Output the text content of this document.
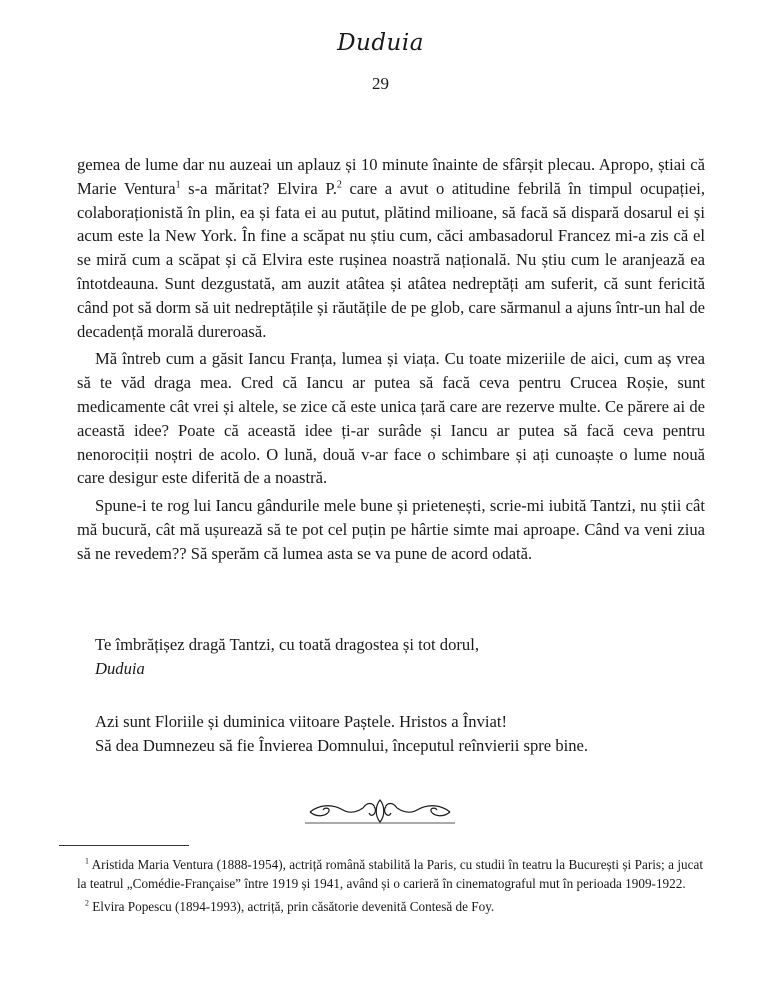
Duduia
29

gemea de lume dar nu auzeai un aplauz și 10 minute înainte de sfârșit plecau. Apropo, știai că Marie Ventura$^1$ s-a măritat? Elvira P.$^2$ care a avut o atitudine febrilă în timpul ocupației, colaboraționistă în plin, ea și fata ei au putut, plătind milioane, să facă să dispară dosarul ei și acum este la New York. În fine a scăpat nu știu cum, căci ambasadorul Francez mi-a zis că el se miră cum a scăpat și că Elvira este rușinea noastră națională. Nu știu cum le aranjează ea întotdeauna. Sunt dezgustată, am auzit atâtea și atâtea nedreptăți am suferit, că sunt fericită când pot să dorm să uit nedreptățile și răutățile de pe glob, care sărmanul a ajuns într-un hal de decadență morală dureroasă.

Mă întreb cum a găsit Iancu Franța, lumea și viața. Cu toate mizeriile de aici, cum aș vrea să te văd draga mea. Cred că Iancu ar putea să facă ceva pentru Crucea Roșie, sunt medicamente cât vrei și altele, se zice că este unica țară care are rezerve multe. Ce părere ai de această idee? Poate că această idee ți-ar surâde și Iancu ar putea să facă ceva pentru nenorociții noștri de acolo. O lună, două v-ar face o schimbare și ați cunoaște o lume nouă care desigur este diferită de a noastră.

Spune-i te rog lui Iancu gândurile mele bune și prietenești, scrie-mi iubită Tantzi, nu știi cât mă bucură, cât mă ușurează să te pot cel puțin pe hârtie simte mai aproape. Când va veni ziua să ne revedem?? Să sperăm că lumea asta se va pune de acord odată.

Te îmbrățișez dragă Tantzi, cu toată dragostea și tot dorul,
Duduia
Azi sunt Floriile și duminica viitoare Paștele. Hristos a Înviat!
Să dea Dumnezeu să fie Învierea Domnului, începutul reînvierii spre bine.

$^1$ Aristida Maria Ventura (1888-1954), actriță română stabilită la Paris, cu studii în teatru la București și Paris; a jucat la teatrul „Comédie-Française” între 1919 și 1941, având și o carieră în cinematograful mut în perioada 1909-1922.

$^2$ Elvira Popescu (1894-1993), actriță, prin căsătorie devenită Contesă de Foy.
